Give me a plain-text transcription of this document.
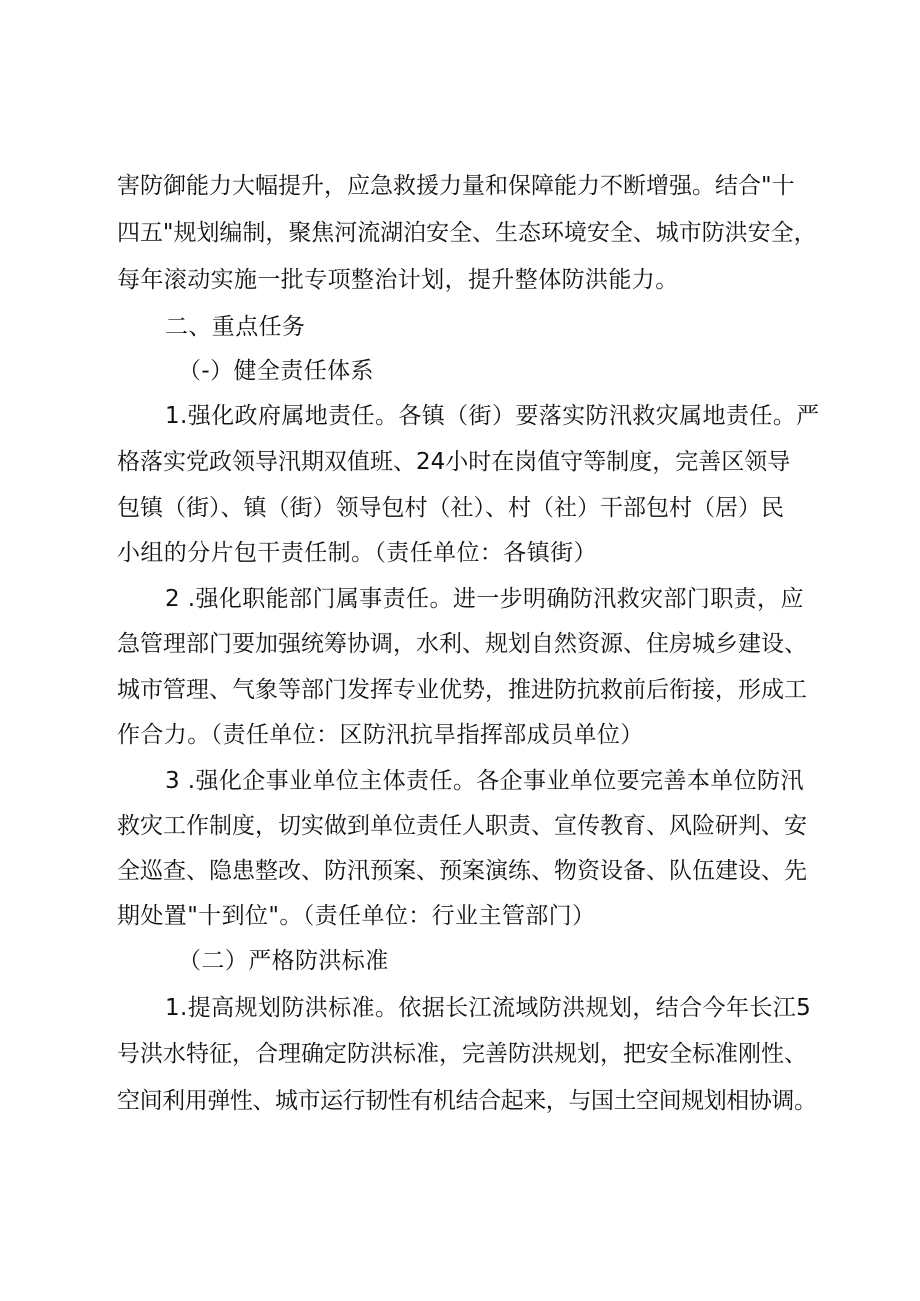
害防御能力大幅提升，应急救援力量和保障能力不断增强。结合"十
四五"规划编制，聚焦河流湖泊安全、生态环境安全、城市防洪安全，
每年滚动实施一批专项整治计划，提升整体防洪能力。
二、重点任务
（-）健全责任体系
1.强化政府属地责任。各镇（街）要落实防汛救灾属地责任。严
格落实党政领导汛期双值班、24小时在岗值守等制度，完善区领导
包镇（街）、镇（街）领导包村（社）、村（社）干部包村（居）民
小组的分片包干责任制。（责任单位：各镇街）
2 .强化职能部门属事责任。进一步明确防汛救灾部门职责，应
急管理部门要加强统筹协调，水利、规划自然资源、住房城乡建设、
城市管理、气象等部门发挥专业优势，推进防抗救前后衔接，形成工
作合力。（责任单位：区防汛抗旱指挥部成员单位）
3 .强化企事业单位主体责任。各企事业单位要完善本单位防汛
救灾工作制度，切实做到单位责任人职责、宣传教育、风险研判、安
全巡查、隐患整改、防汛预案、预案演练、物资设备、队伍建设、先
期处置"十到位"。（责任单位：行业主管部门）
（二）严格防洪标准
1.提高规划防洪标准。依据长江流域防洪规划，结合今年长江5
号洪水特征，合理确定防洪标准，完善防洪规划，把安全标准刚性、
空间利用弹性、城市运行韧性有机结合起来，与国土空间规划相协调。
